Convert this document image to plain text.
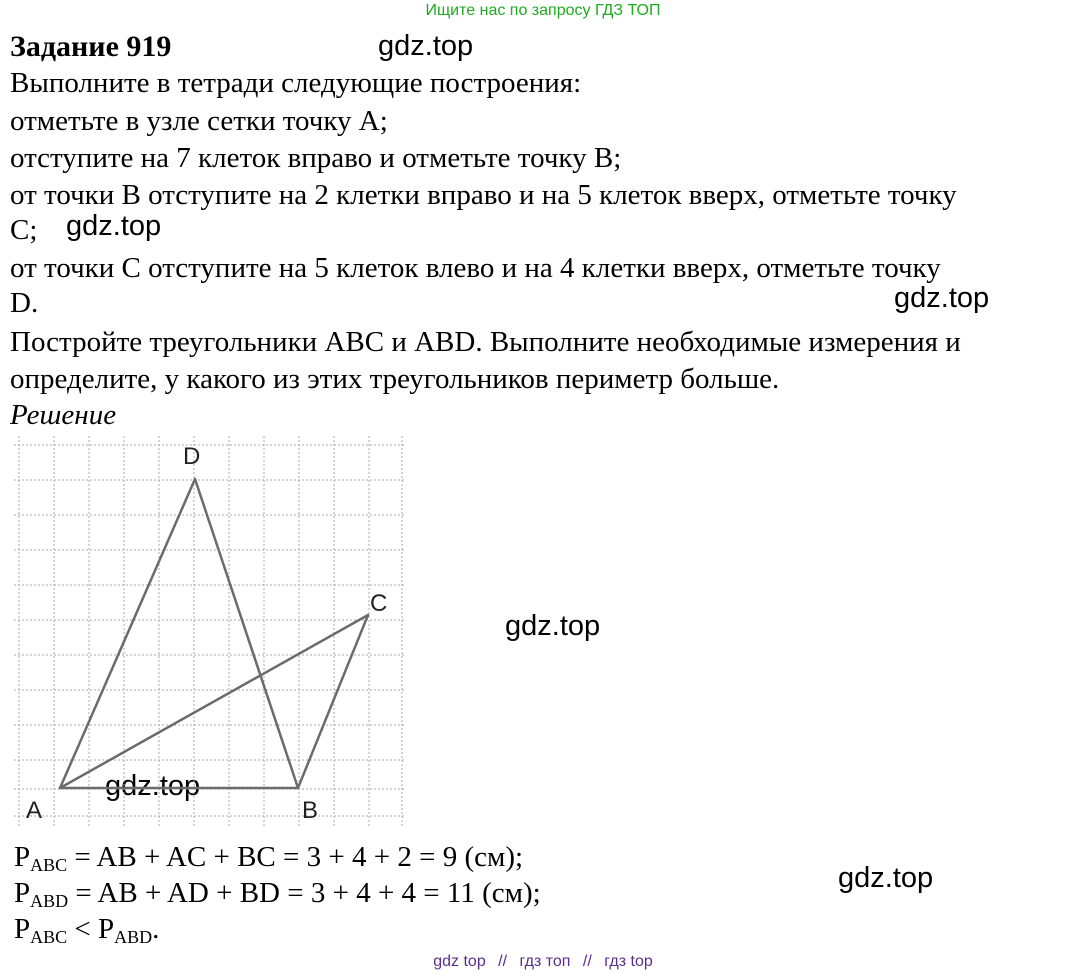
Ищите нас по запросу ГДЗ ТОП
Задание 919
Выполните в тетради следующие построения:
отметьте в узле сетки точку A;
отступите на 7 клеток вправо и отметьте точку B;
от точки B отступите на 2 клетки вправо и на 5 клеток вверх, отметьте точку
C;
от точки C отступите на 5 клеток влево и на 4 клетки вверх, отметьте точку
D.
Постройте треугольники ABC и ABD. Выполните необходимые измерения и
определите, у какого из этих треугольников периметр больше.
Решение
gdz.top
gdz.top
gdz.top
gdz.top
gdz.top
gdz.top
D
C
A	B
$P_{ABC}$ = AB + AC + BC = 3 + 4 + 2 = 9 (см);
$P_{ABD}$ = AB + AD + BD = 3 + 4 + 4 = 11 (см);
$P_{ABC} < P_{ABD}$.
gdz top // гдз топ // гдз top
